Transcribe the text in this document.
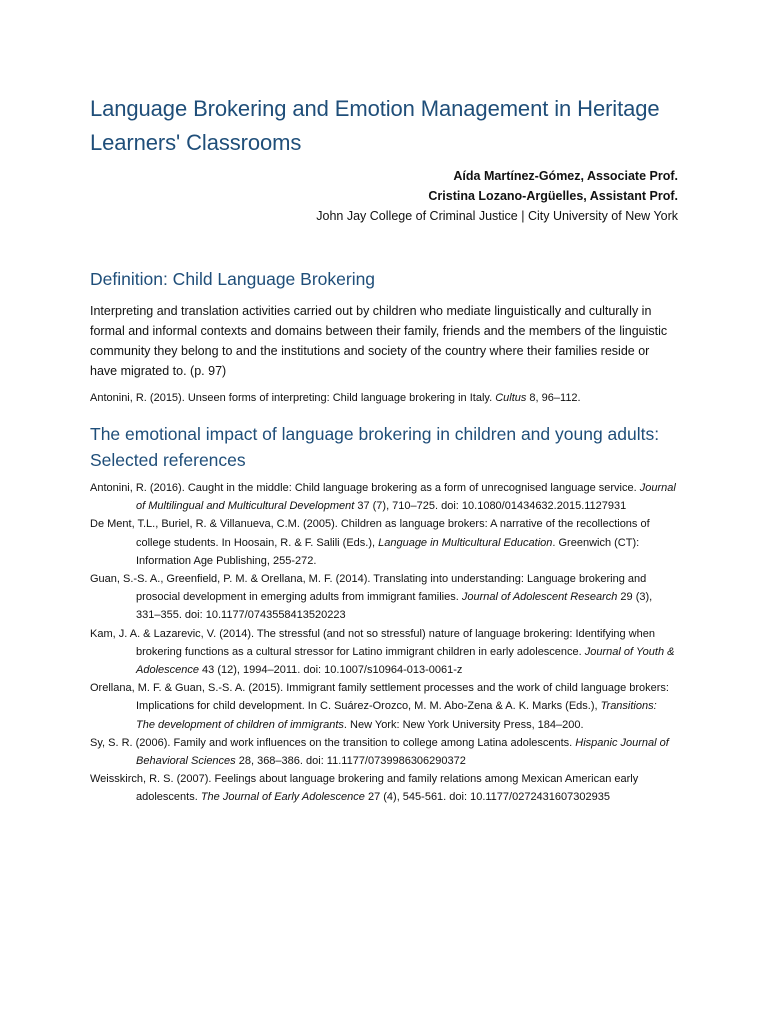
Language Brokering and Emotion Management in Heritage Learners' Classrooms
Aída Martínez-Gómez, Associate Prof.
Cristina Lozano-Argüelles, Assistant Prof.
John Jay College of Criminal Justice | City University of New York
Definition: Child Language Brokering
Interpreting and translation activities carried out by children who mediate linguistically and culturally in formal and informal contexts and domains between their family, friends and the members of the linguistic community they belong to and the institutions and society of the country where their families reside or have migrated to. (p. 97)
Antonini, R. (2015). Unseen forms of interpreting: Child language brokering in Italy. Cultus 8, 96–112.
The emotional impact of language brokering in children and young adults: Selected references

Antonini, R. (2016). Caught in the middle: Child language brokering as a form of unrecognised language service. Journal of Multilingual and Multicultural Development 37 (7), 710–725. doi: 10.1080/01434632.2015.1127931

De Ment, T.L., Buriel, R. & Villanueva, C.M. (2005). Children as language brokers: A narrative of the recollections of college students. In Hoosain, R. & F. Salili (Eds.), Language in Multicultural Education. Greenwich (CT): Information Age Publishing, 255-272.

Guan, S.-S. A., Greenfield, P. M. & Orellana, M. F. (2014). Translating into understanding: Language brokering and prosocial development in emerging adults from immigrant families. Journal of Adolescent Research 29 (3), 331–355. doi: 10.1177/0743558413520223

Kam, J. A. & Lazarevic, V. (2014). The stressful (and not so stressful) nature of language brokering: Identifying when brokering functions as a cultural stressor for Latino immigrant children in early adolescence. Journal of Youth & Adolescence 43 (12), 1994–2011. doi: 10.1007/s10964-013-0061-z

Orellana, M. F. & Guan, S.-S. A. (2015). Immigrant family settlement processes and the work of child language brokers: Implications for child development. In C. Suárez-Orozco, M. M. Abo-Zena & A. K. Marks (Eds.), Transitions: The development of children of immigrants. New York: New York University Press, 184–200.

Sy, S. R. (2006). Family and work influences on the transition to college among Latina adolescents. Hispanic Journal of Behavioral Sciences 28, 368–386. doi: 11.1177/0739986306290372

Weisskirch, R. S. (2007). Feelings about language brokering and family relations among Mexican American early adolescents. The Journal of Early Adolescence 27 (4), 545-561. doi: 10.1177/0272431607302935
